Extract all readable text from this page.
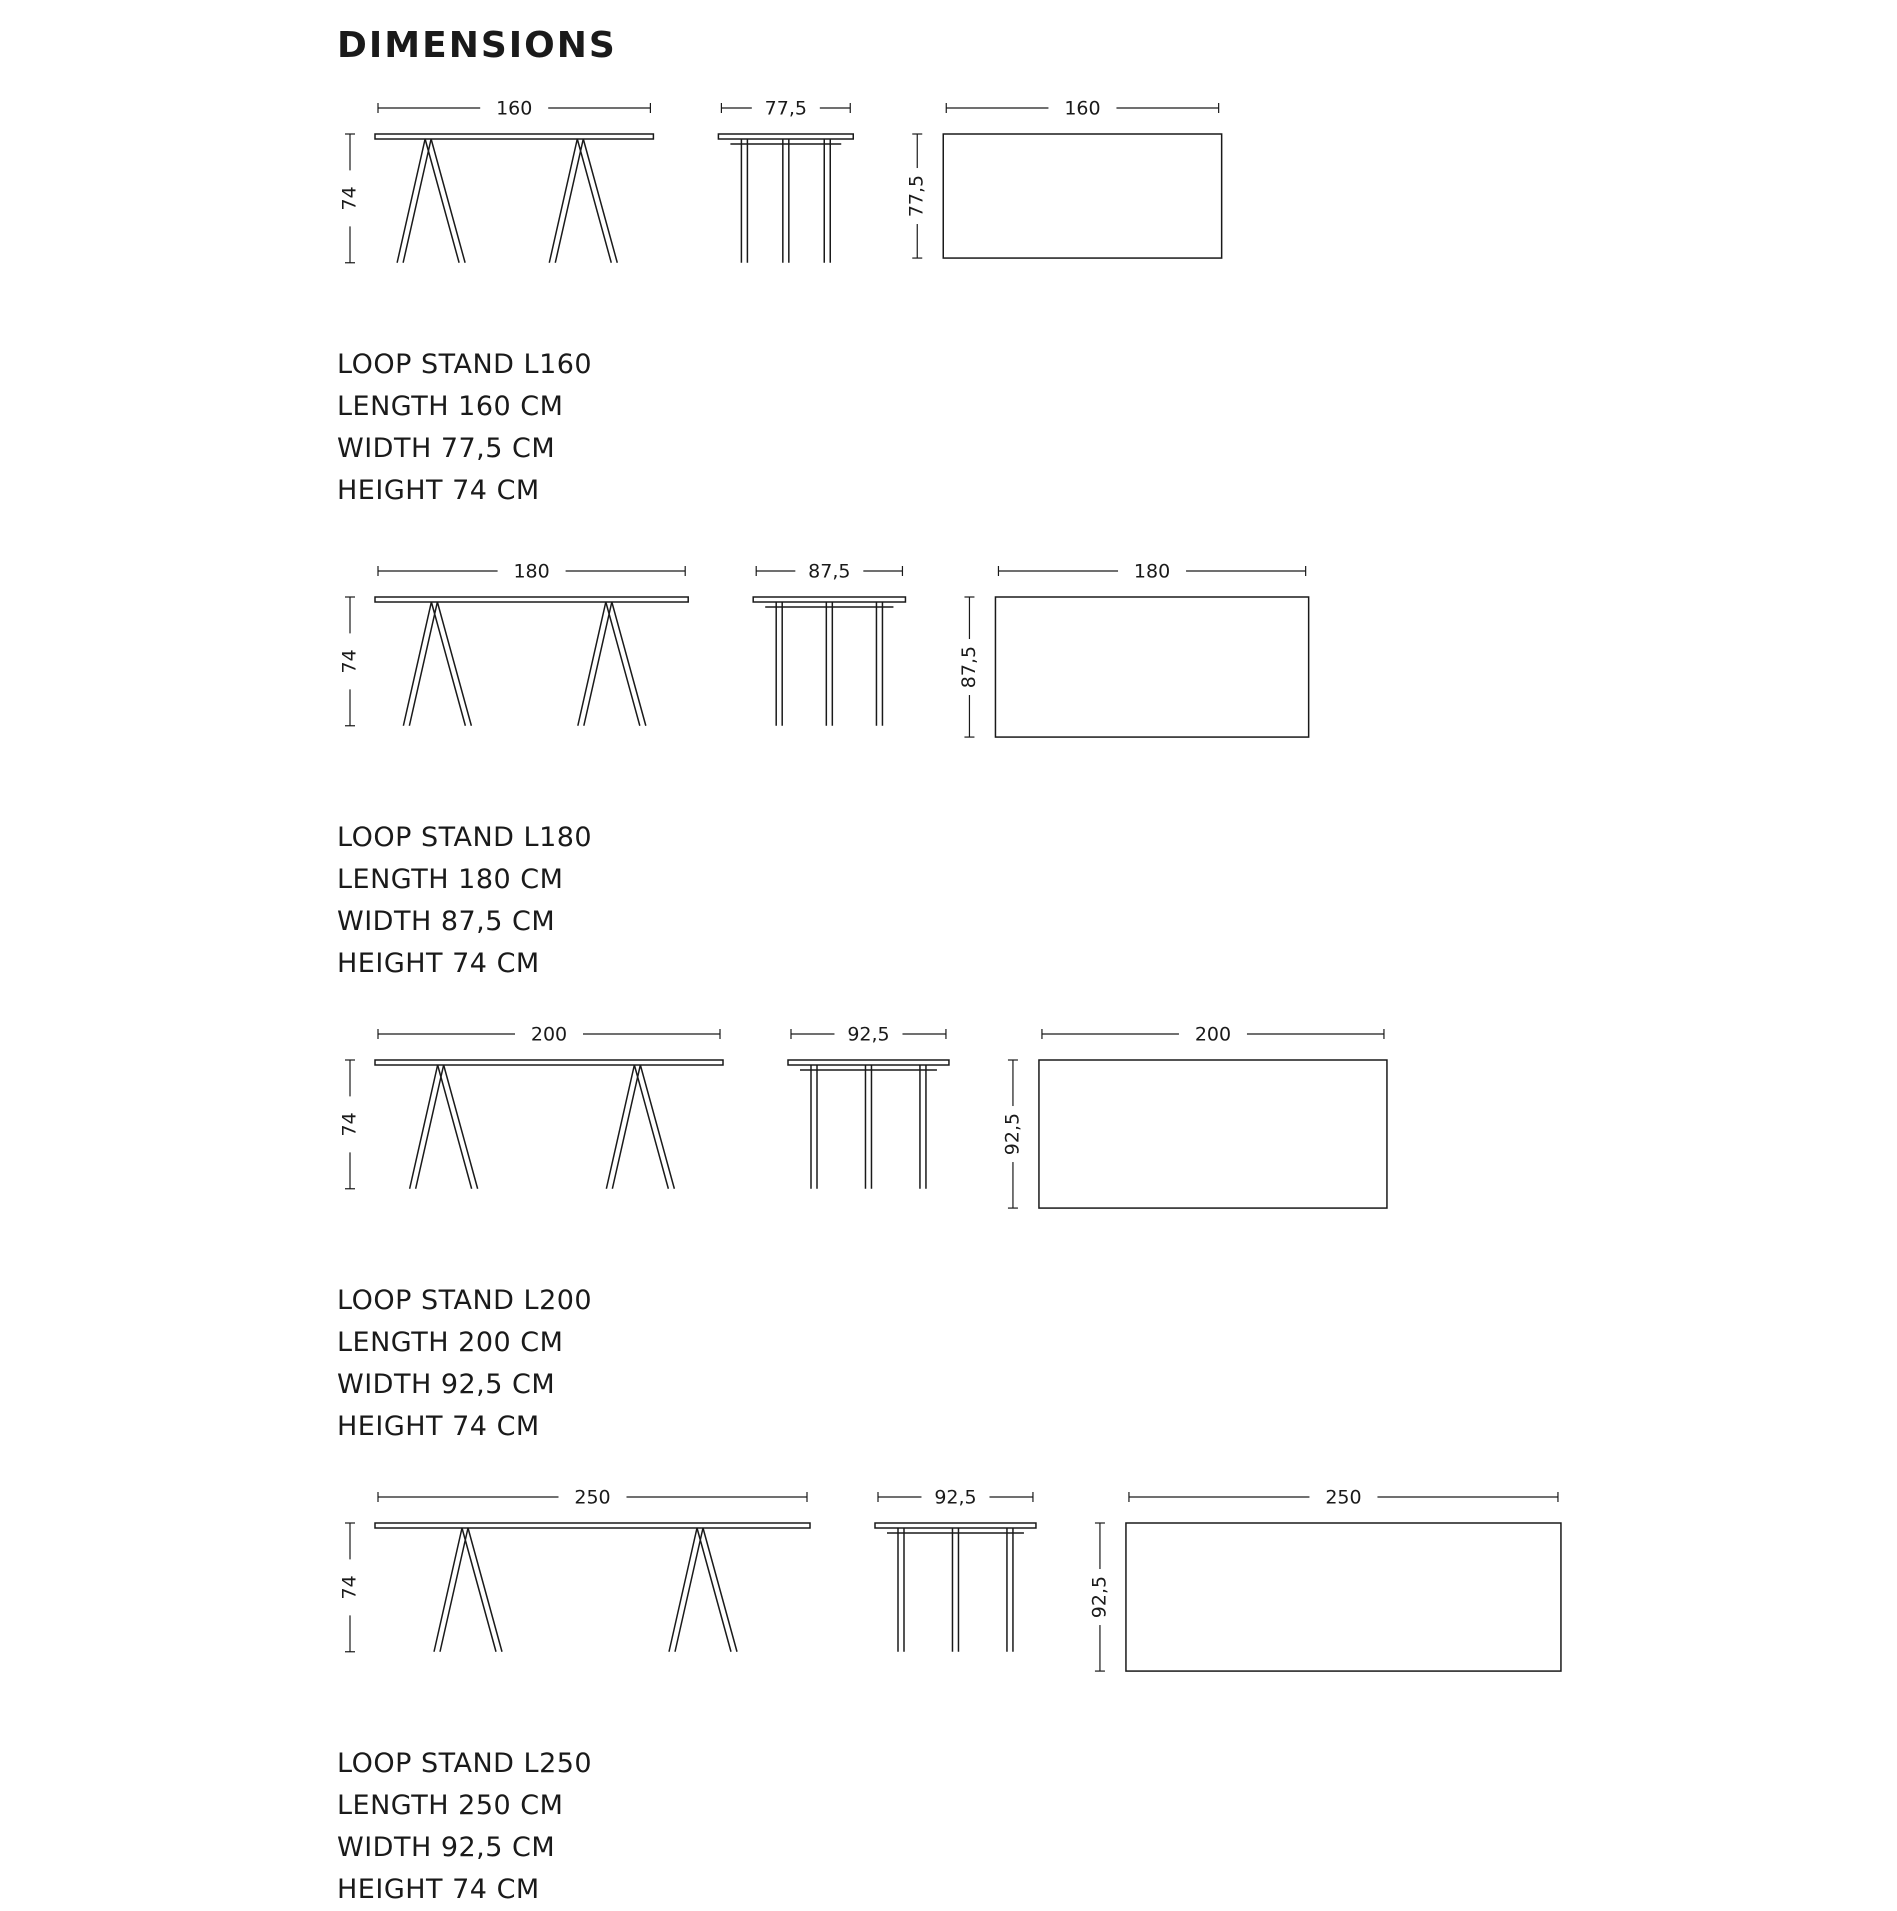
DIMENSIONS
74
160	77,5
77,5
160
74
180	87,5
87,5
180
74
200	92,5
92,5
200
74
250	92,5
92,5
250
LOOP STAND L160
LENGTH 160 CM
WIDTH 77,5 CM
HEIGHT 74 CM
LOOP STAND L180
LENGTH 180 CM
WIDTH 87,5 CM
HEIGHT 74 CM
LOOP STAND L200
LENGTH 200 CM
WIDTH 92,5 CM
HEIGHT 74 CM
LOOP STAND L250
LENGTH 250 CM
WIDTH 92,5 CM
HEIGHT 74 CM
